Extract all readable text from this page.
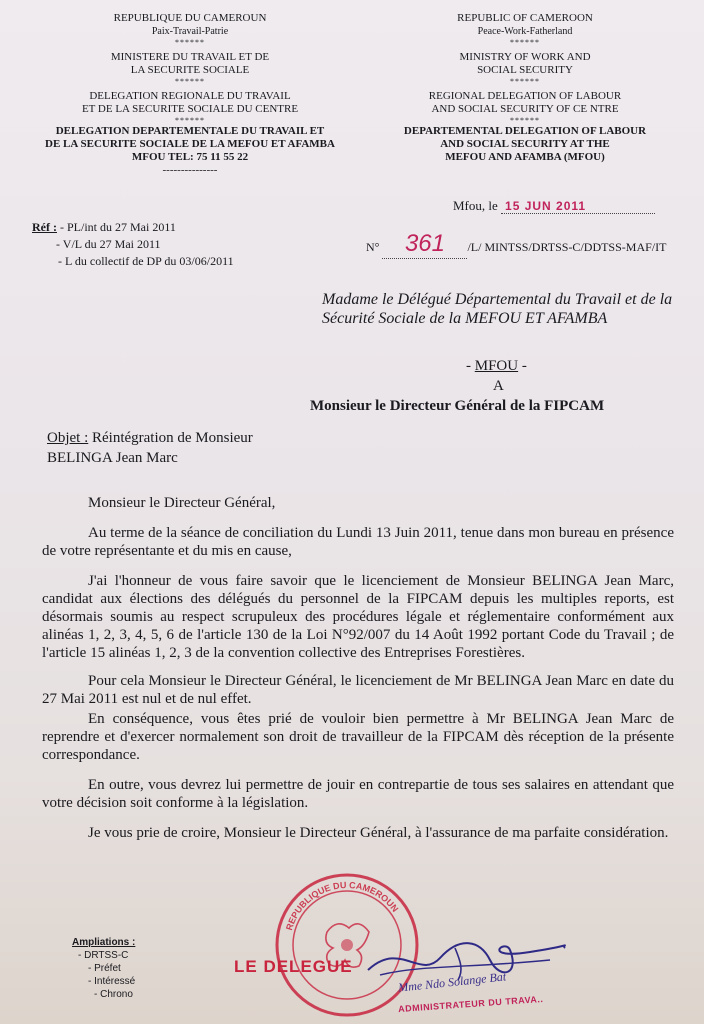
REPUBLIQUE DU CAMEROUN
Paix-Travail-Patrie
******
MINISTERE DU TRAVAIL ET DE
LA SECURITE SOCIALE
******
DELEGATION REGIONALE DU TRAVAIL
ET DE LA SECURITE SOCIALE DU CENTRE
******
DELEGATION DEPARTEMENTALE DU TRAVAIL ET
DE LA SECURITE SOCIALE DE LA MEFOU ET AFAMBA
MFOU TEL: 75 11 55 22
---------------
REPUBLIC OF CAMEROON
Peace-Work-Fatherland
******
MINISTRY OF WORK AND
SOCIAL SECURITY
******
REGIONAL DELEGATION OF LABOUR
AND SOCIAL SECURITY OF CE NTRE
******
DEPARTEMENTAL DELEGATION OF LABOUR
AND SOCIAL SECURITY AT THE
MEFOU AND AFAMBA (MFOU)
Mfou, le 15 JUN 2011
Réf : - PL/int du 27 Mai 2011
- V/L du 27 Mai 2011
- L du collectif de DP du 03/06/2011
N° 361 /L/ MINTSS/DRTSS-C/DDTSS-MAF/IT
Madame le Délégué Départemental du Travail et de la Sécurité Sociale de la MEFOU ET AFAMBA
- MFOU -
A
Monsieur le Directeur Général de la FIPCAM
Objet : Réintégration de Monsieur
BELINGA Jean Marc

Monsieur le Directeur Général,

Au terme de la séance de conciliation du Lundi 13 Juin 2011, tenue dans mon bureau en présence de votre représentante et du mis en cause,

J'ai l'honneur de vous faire savoir que le licenciement de Monsieur BELINGA Jean Marc, candidat aux élections des délégués du personnel de la FIPCAM depuis les multiples reports, est désormais soumis au respect scrupuleux des procédures légale et réglementaire conformément aux alinéas 1, 2, 3, 4, 5, 6 de l'article 130 de la Loi N°92/007 du 14 Août 1992 portant Code du Travail ; de l'article 15 alinéas 1, 2, 3 de la convention collective des Entreprises Forestières.

Pour cela Monsieur le Directeur Général, le licenciement de Mr BELINGA Jean Marc en date du 27 Mai 2011 est nul et de nul effet.

En conséquence, vous êtes prié de vouloir bien permettre à Mr BELINGA Jean Marc de reprendre et d'exercer normalement son droit de travailleur de la FIPCAM dès réception de la présente correspondance.

En outre, vous devrez lui permettre de jouir en contrepartie de tous ses salaires en attendant que votre décision soit conforme à la législation.

Je vous prie de croire, Monsieur le Directeur Général, à l'assurance de ma parfaite considération.

Ampliations :
- DRTSS-C
- Préfet
- Intéressé
- Chrono
REPUBLIQUE DU CAMEROUN
LE DELEGUE
Mme Ndo Solange Bat
ADMINISTRATEUR DU TRAVA..
